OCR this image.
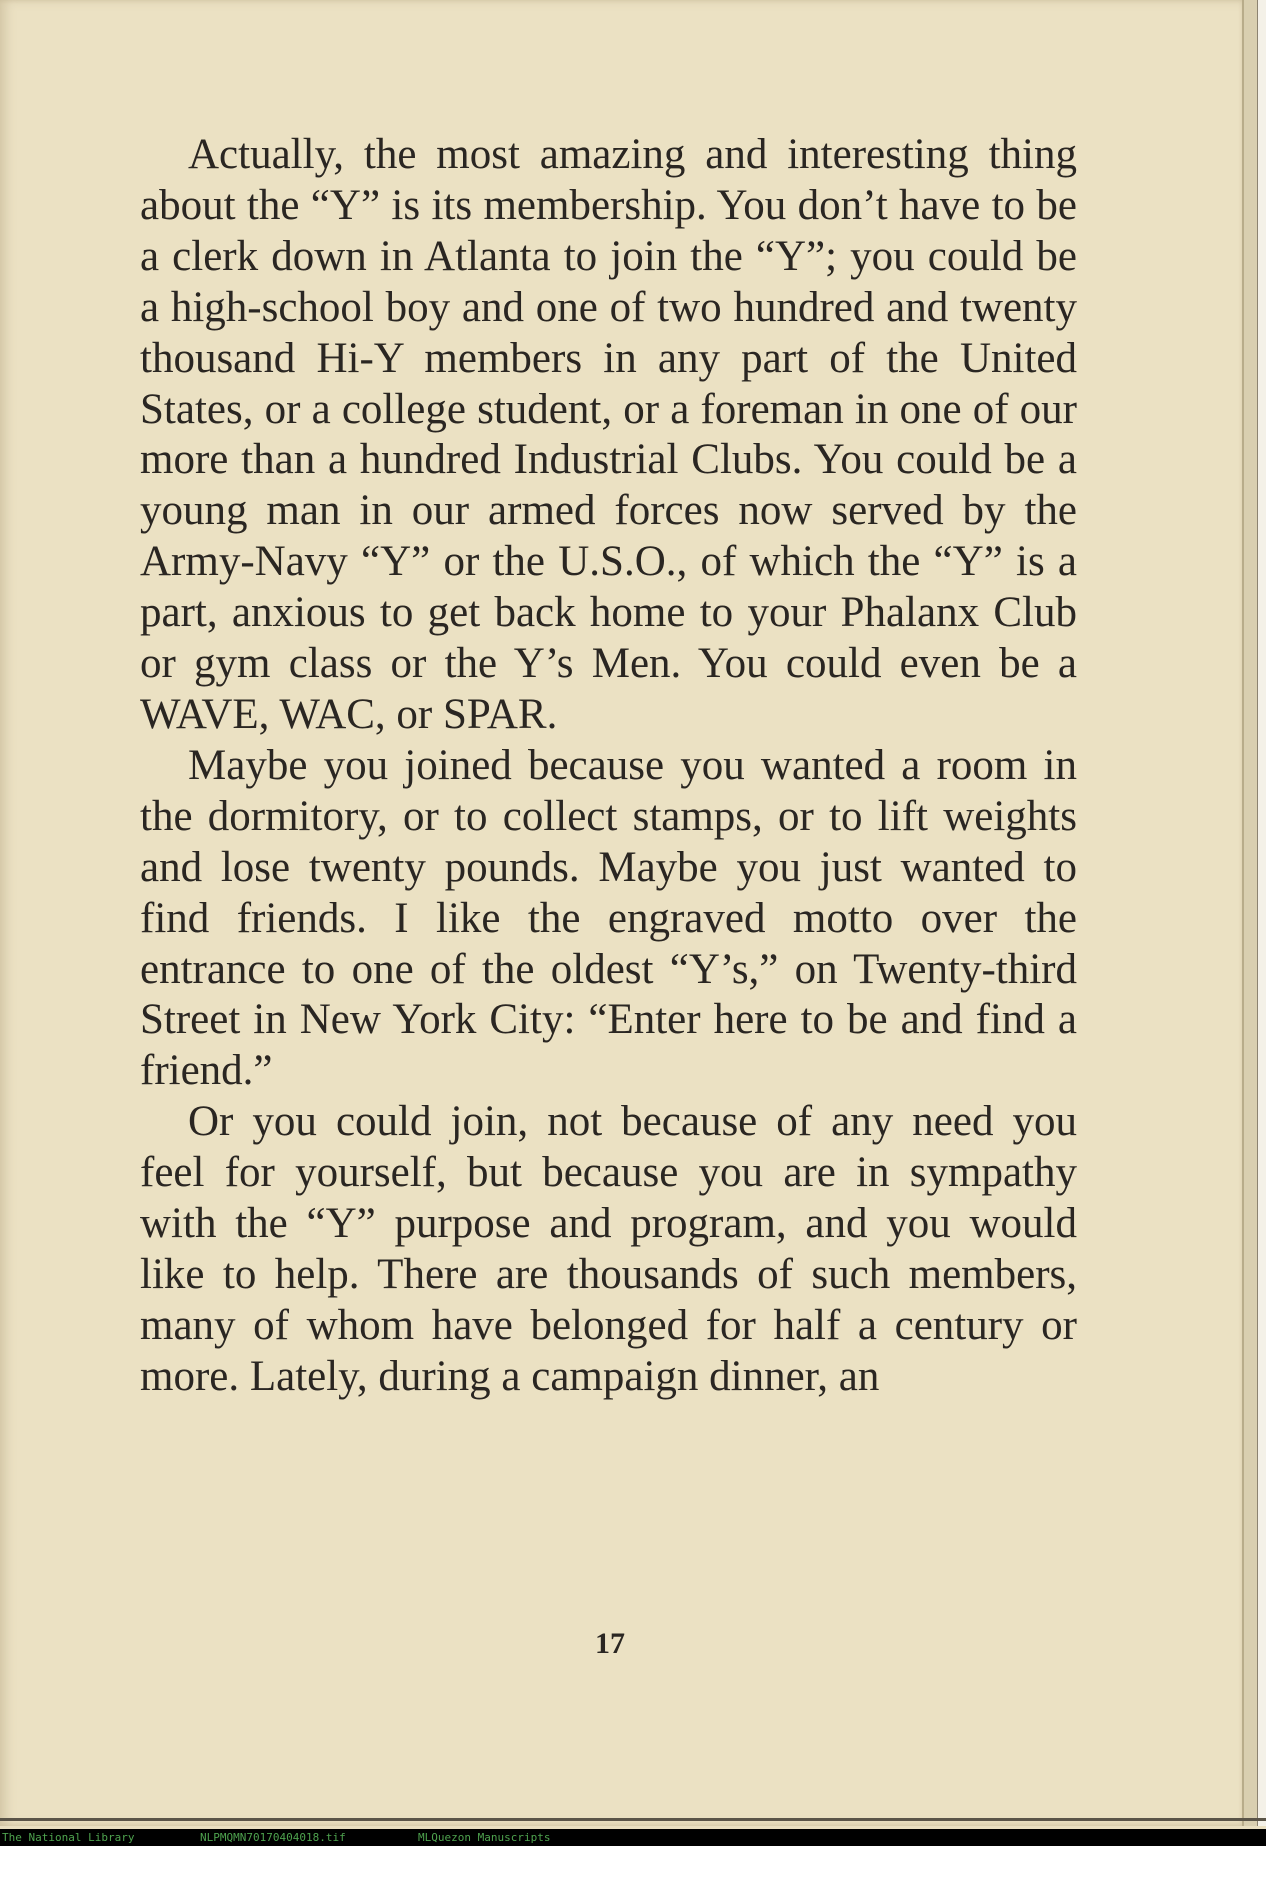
Actually, the most amazing and interesting thing about the “Y” is its membership. You don’t have to be a clerk down in Atlanta to join the “Y”; you could be a high-school boy and one of two hundred and twenty thousand Hi-Y members in any part of the United States, or a college student, or a foreman in one of our more than a hundred Industrial Clubs. You could be a young man in our armed forces now served by the Army-Navy “Y” or the U.S.O., of which the “Y” is a part, anxious to get back home to your Phalanx Club or gym class or the Y’s Men. You could even be a WAVE, WAC, or SPAR.

Maybe you joined because you wanted a room in the dormitory, or to collect stamps, or to lift weights and lose twenty pounds. Maybe you just wanted to find friends. I like the engraved motto over the entrance to one of the oldest “Y’s,” on Twenty-third Street in New York City: “Enter here to be and find a friend.”

Or you could join, not because of any need you feel for yourself, but because you are in sympathy with the “Y” purpose and program, and you would like to help. There are thousands of such members, many of whom have belonged for half a century or more. Lately, during a campaign dinner, an

17

The National Library

	NLPMQMN70170404018.tif

	MLQuezon Manuscripts
